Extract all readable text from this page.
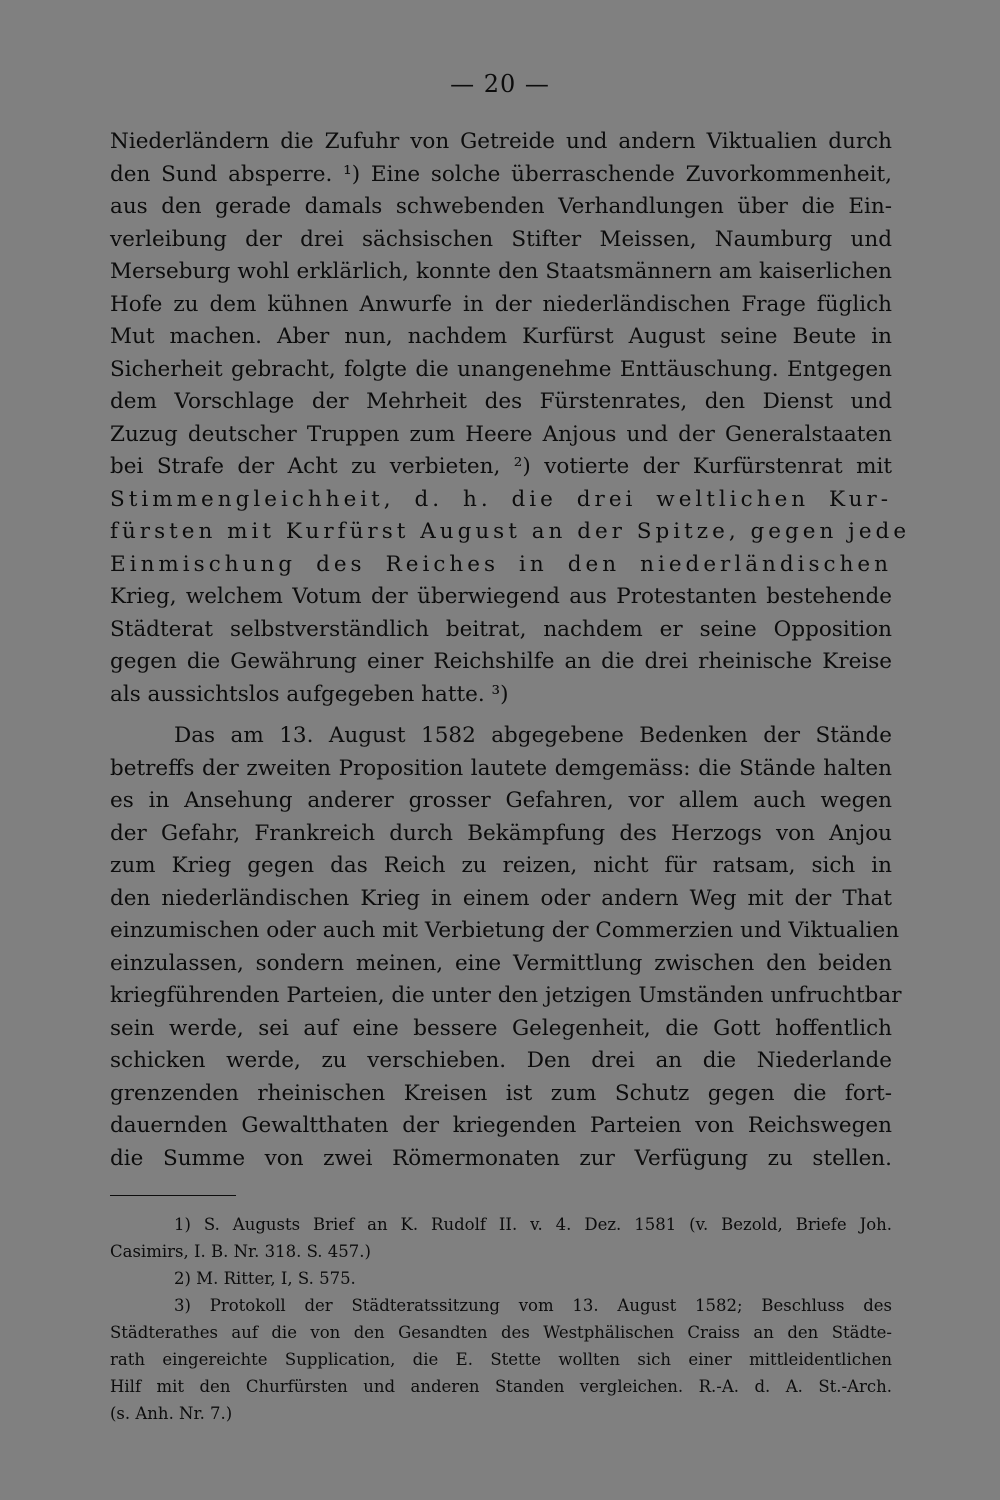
— 20 —
Niederländern die Zufuhr von Getreide und andern Viktualien durch
den Sund absperre. ¹) Eine solche überraschende Zuvorkommenheit,
aus den gerade damals schwebenden Verhandlungen über die Ein-
verleibung der drei sächsischen Stifter Meissen, Naumburg und
Merseburg wohl erklärlich, konnte den Staatsmännern am kaiserlichen
Hofe zu dem kühnen Anwurfe in der niederländischen Frage füglich
Mut machen. Aber nun, nachdem Kurfürst August seine Beute in
Sicherheit gebracht, folgte die unangenehme Enttäuschung. Entgegen
dem Vorschlage der Mehrheit des Fürstenrates, den Dienst und
Zuzug deutscher Truppen zum Heere Anjous und der Generalstaaten
bei Strafe der Acht zu verbieten, ²) votierte der Kurfürstenrat mit
Stimmengleichheit, d. h. die drei weltlichen Kur-
fürsten mit Kurfürst August an der Spitze, gegen jede
Einmischung des Reiches in den niederländischen
Krieg, welchem Votum der überwiegend aus Protestanten bestehende
Städterat selbstverständlich beitrat, nachdem er seine Opposition
gegen die Gewährung einer Reichshilfe an die drei rheinische Kreise
als aussichtslos aufgegeben hatte. ³)
Das am 13. August 1582 abgegebene Bedenken der Stände
betreffs der zweiten Proposition lautete demgemäss: die Stände halten
es in Ansehung anderer grosser Gefahren, vor allem auch wegen
der Gefahr, Frankreich durch Bekämpfung des Herzogs von Anjou
zum Krieg gegen das Reich zu reizen, nicht für ratsam, sich in
den niederländischen Krieg in einem oder andern Weg mit der That
einzumischen oder auch mit Verbietung der Commerzien und Viktualien
einzulassen, sondern meinen, eine Vermittlung zwischen den beiden
kriegführenden Parteien, die unter den jetzigen Umständen unfruchtbar
sein werde, sei auf eine bessere Gelegenheit, die Gott hoffentlich
schicken werde, zu verschieben. Den drei an die Niederlande
grenzenden rheinischen Kreisen ist zum Schutz gegen die fort-
dauernden Gewaltthaten der kriegenden Parteien von Reichswegen
die Summe von zwei Römermonaten zur Verfügung zu stellen.
1) S. Augusts Brief an K. Rudolf II. v. 4. Dez. 1581 (v. Bezold, Briefe Joh.
Casimirs, I. B. Nr. 318. S. 457.)
2) M. Ritter, I, S. 575.
3) Protokoll der Städteratssitzung vom 13. August 1582; Beschluss des
Städterathes auf die von den Gesandten des Westphälischen Craiss an den Städte-
rath eingereichte Supplication, die E. Stette wollten sich einer mittleidentlichen
Hilf mit den Churfürsten und anderen Standen vergleichen. R.-A. d. A. St.-Arch.
(s. Anh. Nr. 7.)
